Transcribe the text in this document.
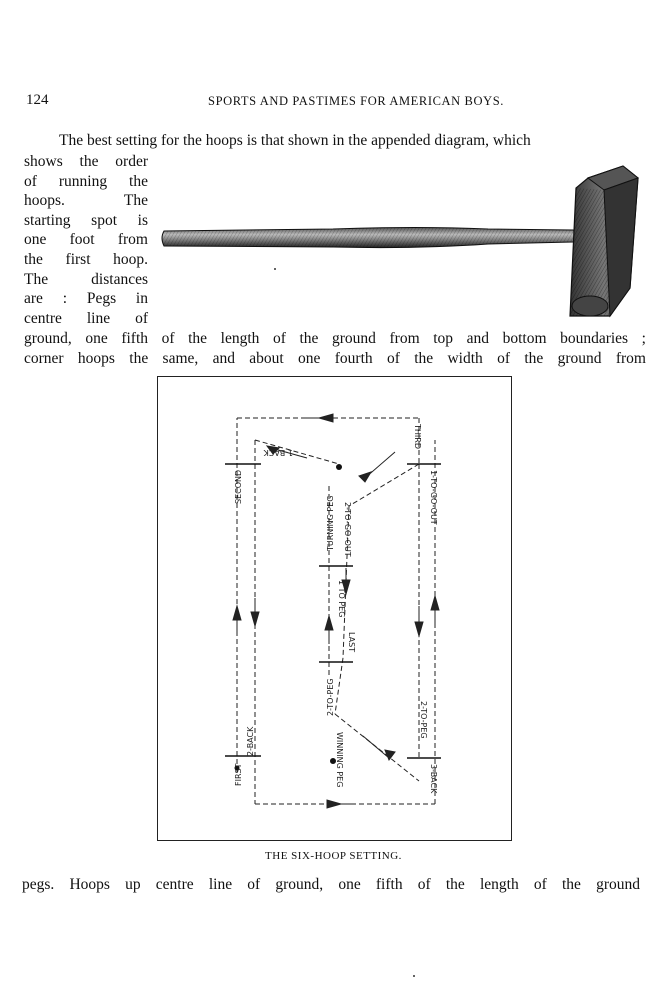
124	SPORTS AND PASTIMES FOR AMERICAN BOYS.
The best setting for the hoops is that shown in the appended diagram, which
shows the order
of running the
hoops. The
starting spot is
one foot from
the first hoop.
The distances
are : Pegs in
centre line of
ground, one fifth of the length of the ground from top and bottom boundaries ;
corner hoops the same, and about one fourth of the width of the ground from
FIRST
SECOND
2-BACK
THIRD
1-BACK
1-TO-GO-OUT
2-TO-GO-OUT
TURNING PEG
WINNING PEG
1 TO PEG
2-TO-PEG
LAST
2-TO-PEG
3-BACK
THE SIX-HOOP SETTING.
pegs. Hoops up centre line of ground, one fifth of the length of the ground
